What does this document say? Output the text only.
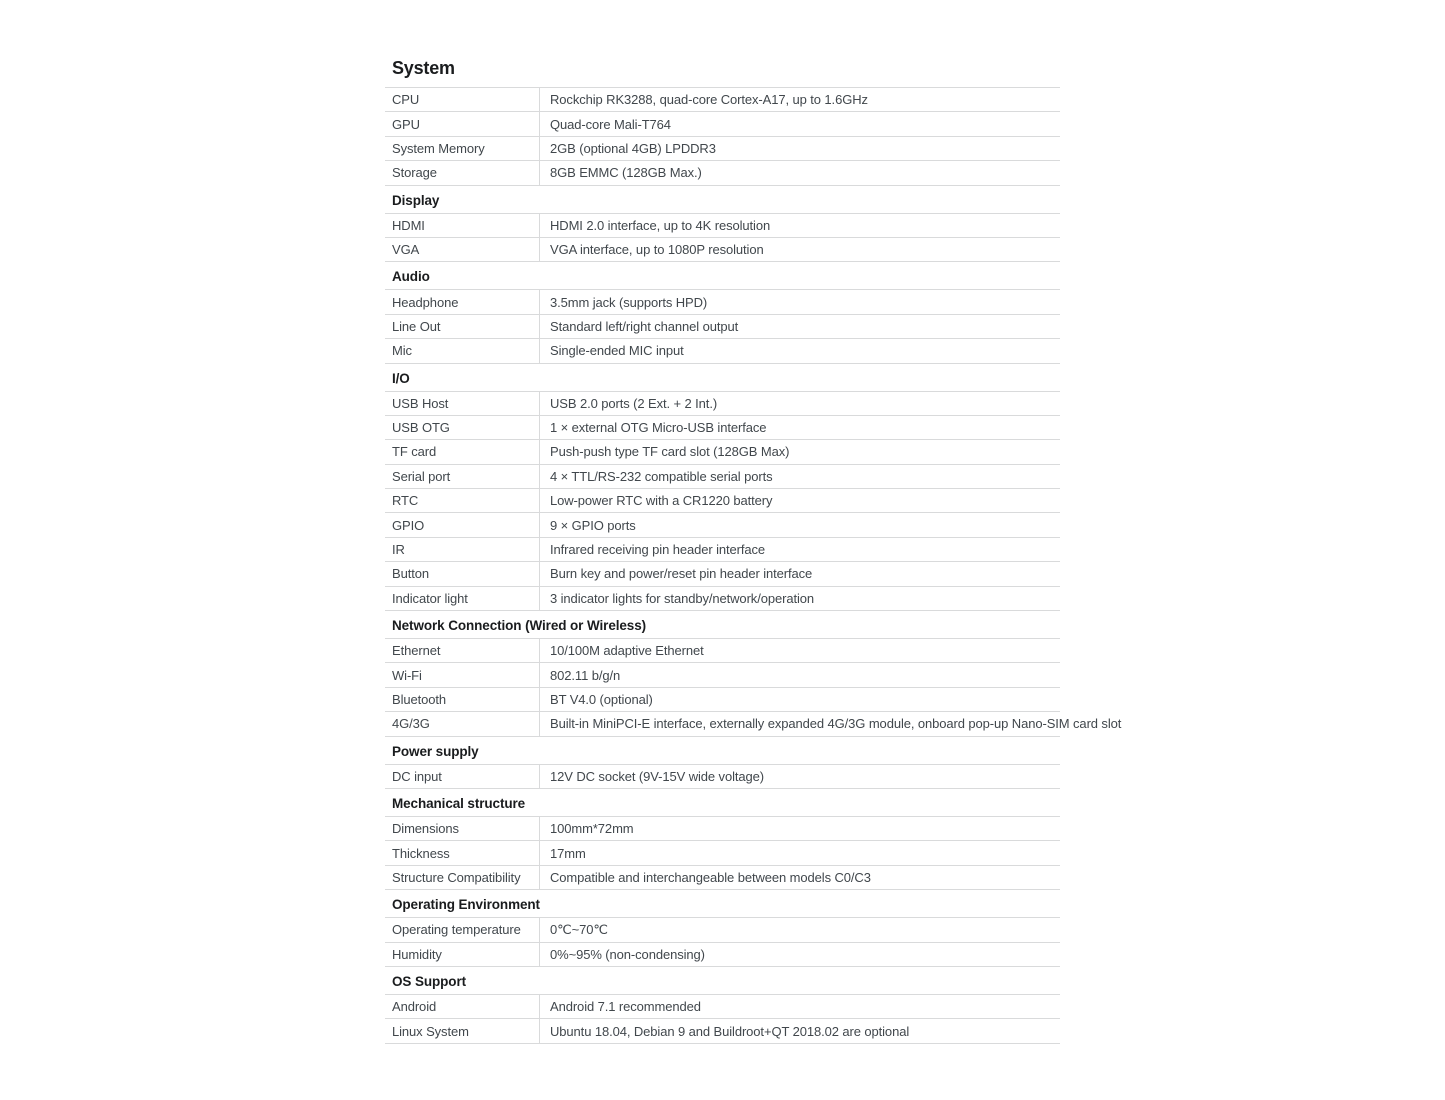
System
CPU	Rockchip RK3288, quad-core Cortex-A17, up to 1.6GHz
GPU	Quad-core Mali-T764
System Memory	2GB (optional 4GB) LPDDR3
Storage	8GB EMMC (128GB Max.)
Display
HDMI	HDMI 2.0 interface, up to 4K resolution
VGA	VGA interface, up to 1080P resolution
Audio
Headphone	3.5mm jack (supports HPD)
Line Out	Standard left/right channel output
Mic	Single-ended MIC input
I/O
USB Host	USB 2.0 ports (2 Ext. + 2 Int.)
USB OTG	1 × external OTG Micro-USB interface
TF card	Push-push type TF card slot (128GB Max)
Serial port	4 × TTL/RS-232 compatible serial ports
RTC	Low-power RTC with a CR1220 battery
GPIO	9 × GPIO ports
IR	Infrared receiving pin header interface
Button	Burn key and power/reset pin header interface
Indicator light	3 indicator lights for standby/network/operation
Network Connection (Wired or Wireless)
Ethernet	10/100M adaptive Ethernet
Wi-Fi	802.11 b/g/n
Bluetooth	BT V4.0 (optional)
4G/3G	Built-in MiniPCI-E interface, externally expanded 4G/3G module, onboard pop-up Nano-SIM card slot
Power supply
DC input	12V DC socket (9V-15V wide voltage)
Mechanical structure
Dimensions	100mm*72mm
Thickness	17mm
Structure Compatibility	Compatible and interchangeable between models C0/C3
Operating Environment
Operating temperature	0℃~70℃
Humidity	0%~95% (non-condensing)
OS Support
Android	Android 7.1 recommended
Linux System	Ubuntu 18.04, Debian 9 and Buildroot+QT 2018.02 are optional
